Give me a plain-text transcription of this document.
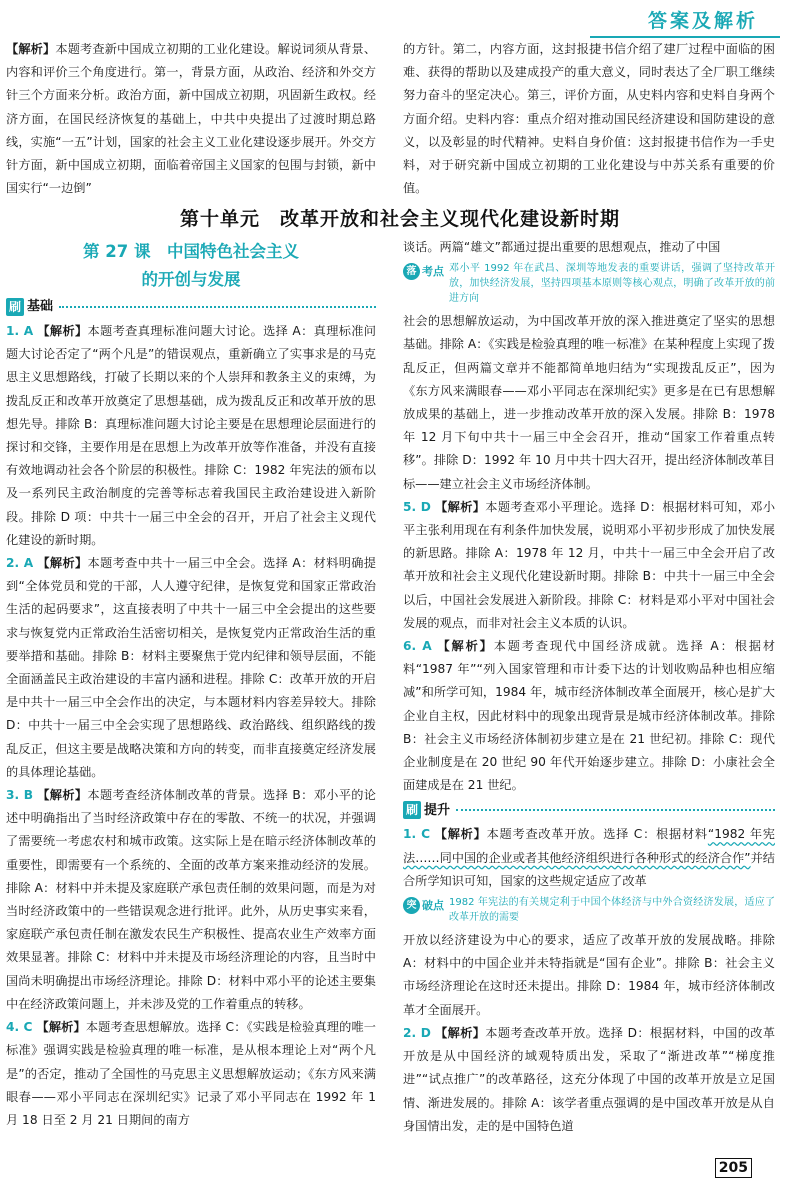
答案及解析
【解析】本题考查新中国成立初期的工业化建设。解说词须从背景、内容和评价三个角度进行。第一，背景方面，从政治、经济和外交方针三个方面来分析。政治方面，新中国成立初期，巩固新生政权。经济方面，在国民经济恢复的基础上，中共中央提出了过渡时期总路线，实施“一五”计划，国家的社会主义工业化建设逐步展开。外交方针方面，新中国成立初期，面临着帝国主义国家的包围与封锁，新中国实行“一边倒”
的方针。第二，内容方面，这封报捷书信介绍了建厂过程中面临的困难、获得的帮助以及建成投产的重大意义，同时表达了全厂职工继续努力奋斗的坚定决心。第三，评价方面，从史料内容和史料自身两个方面介绍。史料内容：重点介绍对推动国民经济建设和国防建设的意义，以及彰显的时代精神。史料自身价值：这封报捷书信作为一手史料，对于研究新中国成立初期的工业化建设与中苏关系有重要的价值。
第十单元　改革开放和社会主义现代化建设新时期
第 27 课　中国特色社会主义
的开创与发展
刷 基础

1. A 【解析】本题考查真理标准问题大讨论。选择 A：真理标准问题大讨论否定了“两个凡是”的错误观点，重新确立了实事求是的马克思主义思想路线，打破了长期以来的个人崇拜和教条主义的束缚，为拨乱反正和改革开放奠定了思想基础，成为拨乱反正和改革开放的思想先导。排除 B：真理标准问题大讨论主要是在思想理论层面进行的探讨和交锋，主要作用是在思想上为改革开放等作准备，并没有直接有效地调动社会各个阶层的积极性。排除 C：1982 年宪法的颁布以及一系列民主政治制度的完善等标志着我国民主政治建设进入新阶段。排除 D 项：中共十一届三中全会的召开，开启了社会主义现代化建设的新时期。

2. A 【解析】本题考查中共十一届三中全会。选择 A：材料明确提到“全体党员和党的干部，人人遵守纪律，是恢复党和国家正常政治生活的起码要求”，这直接表明了中共十一届三中全会提出的这些要求与恢复党内正常政治生活密切相关，是恢复党内正常政治生活的重要举措和基础。排除 B：材料主要聚焦于党内纪律和领导层面，不能全面涵盖民主政治建设的丰富内涵和进程。排除 C：改革开放的开启是中共十一届三中全会作出的决定，与本题材料内容差异较大。排除 D：中共十一届三中全会实现了思想路线、政治路线、组织路线的拨乱反正，但这主要是战略决策和方向的转变，而非直接奠定经济发展的具体理论基础。

3. B 【解析】本题考查经济体制改革的背景。选择 B：邓小平的论述中明确指出了当时经济政策中存在的零散、不统一的状况，并强调了需要统一考虑农村和城市政策。这实际上是在暗示经济体制改革的重要性，即需要有一个系统的、全面的改革方案来推动经济的发展。排除 A：材料中并未提及家庭联产承包责任制的效果问题，而是为对当时经济政策中的一些错误观念进行批评。此外，从历史事实来看，家庭联产承包责任制在激发农民生产积极性、提高农业生产效率方面效果显著。排除 C：材料中并未提及市场经济理论的内容，且当时中国尚未明确提出市场经济理论。排除 D：材料中邓小平的论述主要集中在经济政策问题上，并未涉及党的工作着重点的转移。

4. C 【解析】本题考查思想解放。选择 C：《实践是检验真理的唯一标准》强调实践是检验真理的唯一标准，是从根本理论上对“两个凡是”的否定，推动了全国性的马克思主义思想解放运动；《东方风来满眼春——邓小平同志在深圳纪实》记录了邓小平同志在 1992 年 1 月 18 日至 2 月 21 日期间的南方

谈话。两篇“雄文”都通过提出重要的思想观点，推动了中国

落 考点 邓小平 1992 年在武昌、深圳等地发表的重要讲话，强调了坚持改革开放，加快经济发展，坚持四项基本原则等核心观点，明确了改革开放的前进方向

社会的思想解放运动，为中国改革开放的深入推进奠定了坚实的思想基础。排除 A：《实践是检验真理的唯一标准》在某种程度上实现了拨乱反正，但两篇文章并不能都简单地归结为“实现拨乱反正”，因为《东方风来满眼春——邓小平同志在深圳纪实》更多是在已有思想解放成果的基础上，进一步推动改革开放的深入发展。排除 B：1978 年 12 月下旬中共十一届三中全会召开，推动“国家工作着重点转移”。排除 D：1992 年 10 月中共十四大召开，提出经济体制改革目标——建立社会主义市场经济体制。

5. D 【解析】本题考查邓小平理论。选择 D：根据材料可知，邓小平主张利用现在有利条件加快发展，说明邓小平初步形成了加快发展的新思路。排除 A：1978 年 12 月，中共十一届三中全会开启了改革开放和社会主义现代化建设新时期。排除 B：中共十一届三中全会以后，中国社会发展进入新阶段。排除 C：材料是邓小平对中国社会发展的观点，而非对社会主义本质的认识。

6. A 【解析】本题考查现代中国经济成就。选择 A：根据材料“1987 年”“列入国家管理和市计委下达的计划收购品种也相应缩减”和所学可知，1984 年，城市经济体制改革全面展开，核心是扩大企业自主权，因此材料中的现象出现背景是城市经济体制改革。排除 B：社会主义市场经济体制初步建立是在 21 世纪初。排除 C：现代企业制度是在 20 世纪 90 年代开始逐步建立。排除 D：小康社会全面建成是在 21 世纪。

刷 提升

1. C 【解析】本题考查改革开放。选择 C：根据材料“1982 年宪法……同中国的企业或者其他经济组织进行各种形式的经济合作”并结合所学知识可知，国家的这些规定适应了改革

突 破点 1982 年宪法的有关规定利于中国个体经济与中外合资经济发展，适应了改革开放的需要

开放以经济建设为中心的要求，适应了改革开放的发展战略。排除 A：材料中的中国企业并未特指就是“国有企业”。排除 B：社会主义市场经济理论在这时还未提出。排除 D：1984 年，城市经济体制改革才全面展开。

2. D 【解析】本题考查改革开放。选择 D：根据材料，中国的改革开放是从中国经济的域观特质出发，采取了“渐进改革”“梯度推进”“试点推广”的改革路径，这充分体现了中国的改革开放是立足国情、渐进发展的。排除 A：该学者重点强调的是中国改革开放是从自身国情出发，走的是中国特色道

205
